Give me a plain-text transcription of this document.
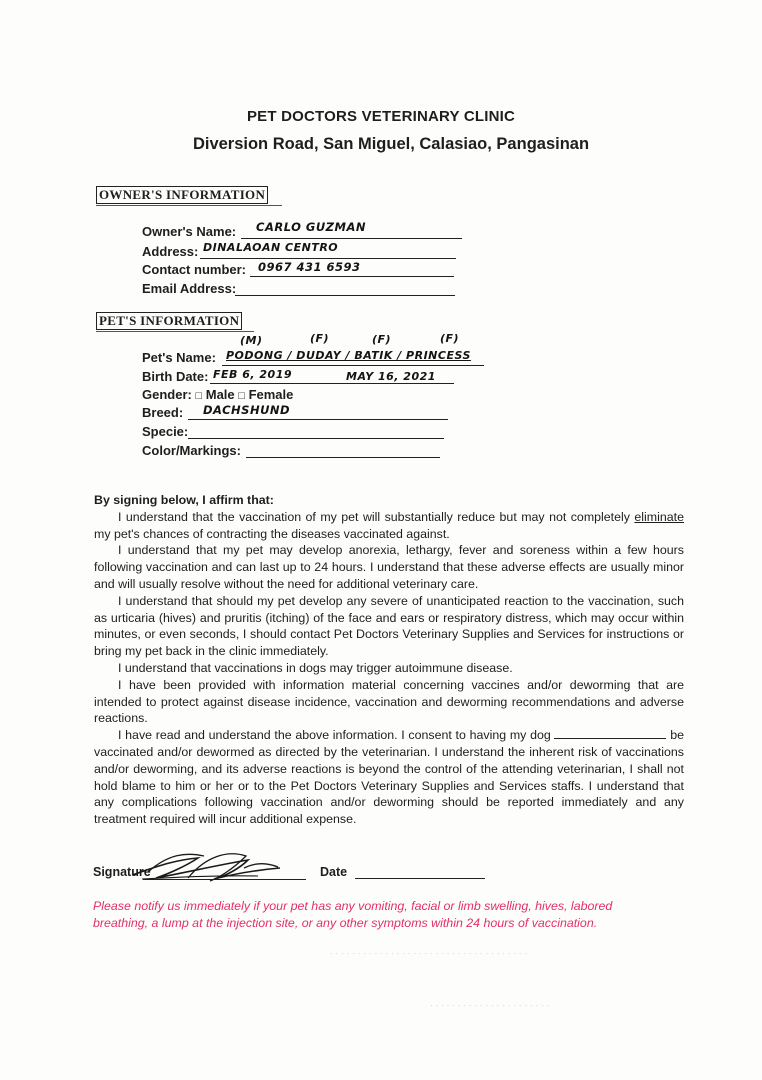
PET DOCTORS VETERINARY CLINIC
Diversion Road, San Miguel, Calasiao, Pangasinan
OWNER'S INFORMATION
Owner's Name: CARLO GUZMAN
Address: DINALAOAN CENTRO
Contact number: 0967 431 6593
Email Address:
PET'S INFORMATION
(M)	(F)	(F)	(F)
Pet's Name: PODONG / DUDAY / BATIK / PRINCESS
Birth Date: FEB 6, 2019	MAY 16, 2021
Gender: □ Male □ Female
Breed: DACHSHUND
Specie:
Color/Markings:

By signing below, I affirm that:

I understand that the vaccination of my pet will substantially reduce but may not completely eliminate my pet's chances of contracting the diseases vaccinated against.

I understand that my pet may develop anorexia, lethargy, fever and soreness within a few hours following vaccination and can last up to 24 hours. I understand that these adverse effects are usually minor and will usually resolve without the need for additional veterinary care.

I understand that should my pet develop any severe of unanticipated reaction to the vaccination, such as urticaria (hives) and pruritis (itching) of the face and ears or respiratory distress, which may occur within minutes, or even seconds, I should contact Pet Doctors Veterinary Supplies and Services for instructions or bring my pet back in the clinic immediately.

I understand that vaccinations in dogs may trigger autoimmune disease.

I have been provided with information material concerning vaccines and/or deworming that are intended to protect against disease incidence, vaccination and deworming recommendations and adverse reactions.

I have read and understand the above information. I consent to having my dog	be vaccinated and/or dewormed as directed by the veterinarian. I understand the inherent risk of vaccinations and/or deworming, and its adverse reactions is beyond the control of the attending veterinarian, I shall not hold blame to him or her or to the Pet Doctors Veterinary Supplies and Services staffs. I understand that any complications following vaccination and/or deworming should be reported immediately and any treatment required will incur additional expense.

Signature	Date
Please notify us immediately if your pet has any vomiting, facial or limb swelling, hives, labored breathing, a lump at the injection site, or any other symptoms within 24 hours of vaccination.
. . . . . . . . . . . . . . . . . . . . . . . . . . . . . . . . . . . .
. . . . . . . . . . . . . . . . . . . . . .
